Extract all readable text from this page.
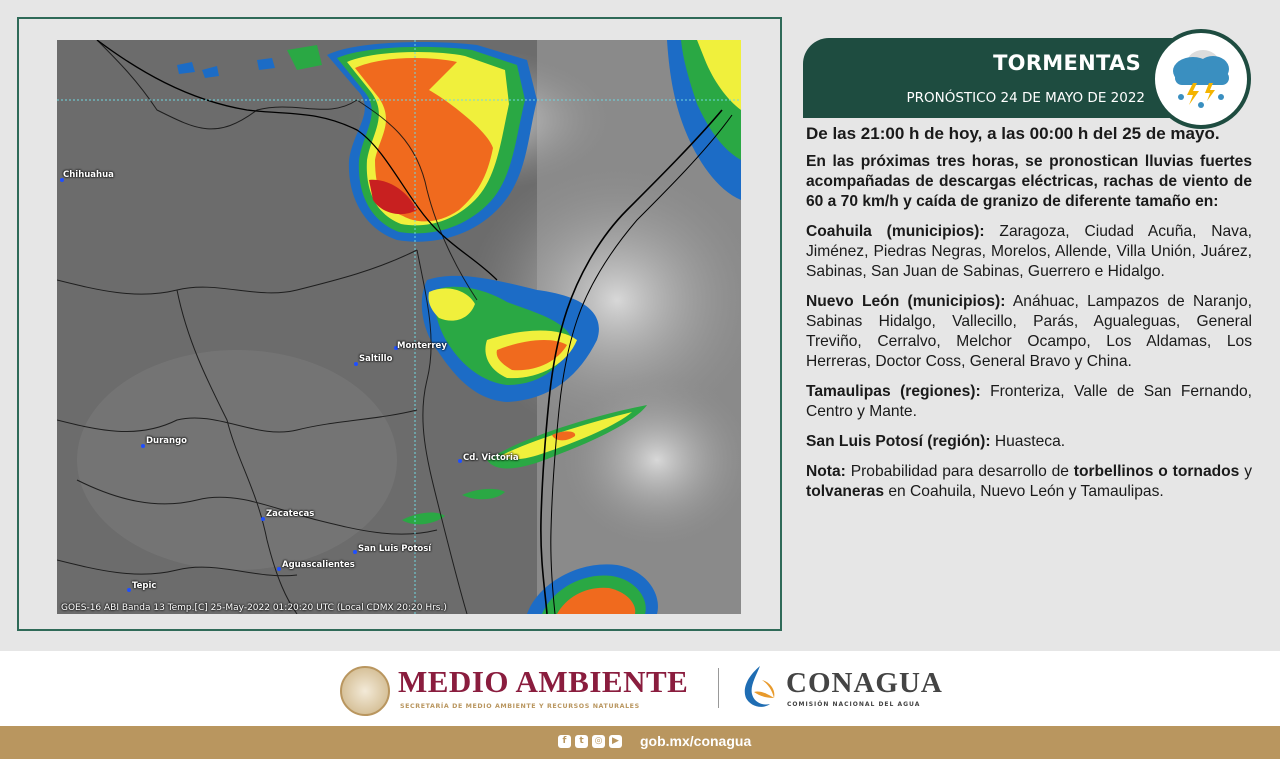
Chihuahua
Monterrey
Saltillo
Durango
Cd. Victoria
Zacatecas
San Luis Potosí
Aguascalientes
Tepic
GOES-16 ABI Banda 13 Temp.[C] 25-May-2022 01:20:20 UTC (Local CDMX 20:20 Hrs.)
TORMENTAS
PRONÓSTICO 24 DE MAYO DE 2022

De las 21:00 h de hoy, a las 00:00 h del 25 de mayo.

En las próximas tres horas, se pronostican lluvias fuertes acompañadas de descargas eléctricas, rachas de viento de 60 a 70 km/h y caída de granizo de diferente tamaño en:

Coahuila (municipios): Zaragoza, Ciudad Acuña, Nava, Jiménez, Piedras Negras, Morelos, Allende, Villa Unión, Juárez, Sabinas, San Juan de Sabinas, Guerrero e Hidalgo.

Nuevo León (municipios): Anáhuac, Lampazos de Naranjo, Sabinas Hidalgo, Vallecillo, Parás, Agualeguas, General Treviño, Cerralvo, Melchor Ocampo, Los Aldamas, Los Herreras, Doctor Coss, General Bravo y China.

Tamaulipas (regiones): Fronteriza, Valle de San Fernando, Centro y Mante.

San Luis Potosí (región): Huasteca.

Nota: Probabilidad para desarrollo de torbellinos o tornados y tolvaneras en Coahuila, Nuevo León y Tamaulipas.

MEDIO AMBIENTE
SECRETARÍA DE MEDIO AMBIENTE Y RECURSOS NATURALES
CONAGUA
COMISIÓN NACIONAL DEL AGUA
f	t	◎	▶ gob.mx/conagua
